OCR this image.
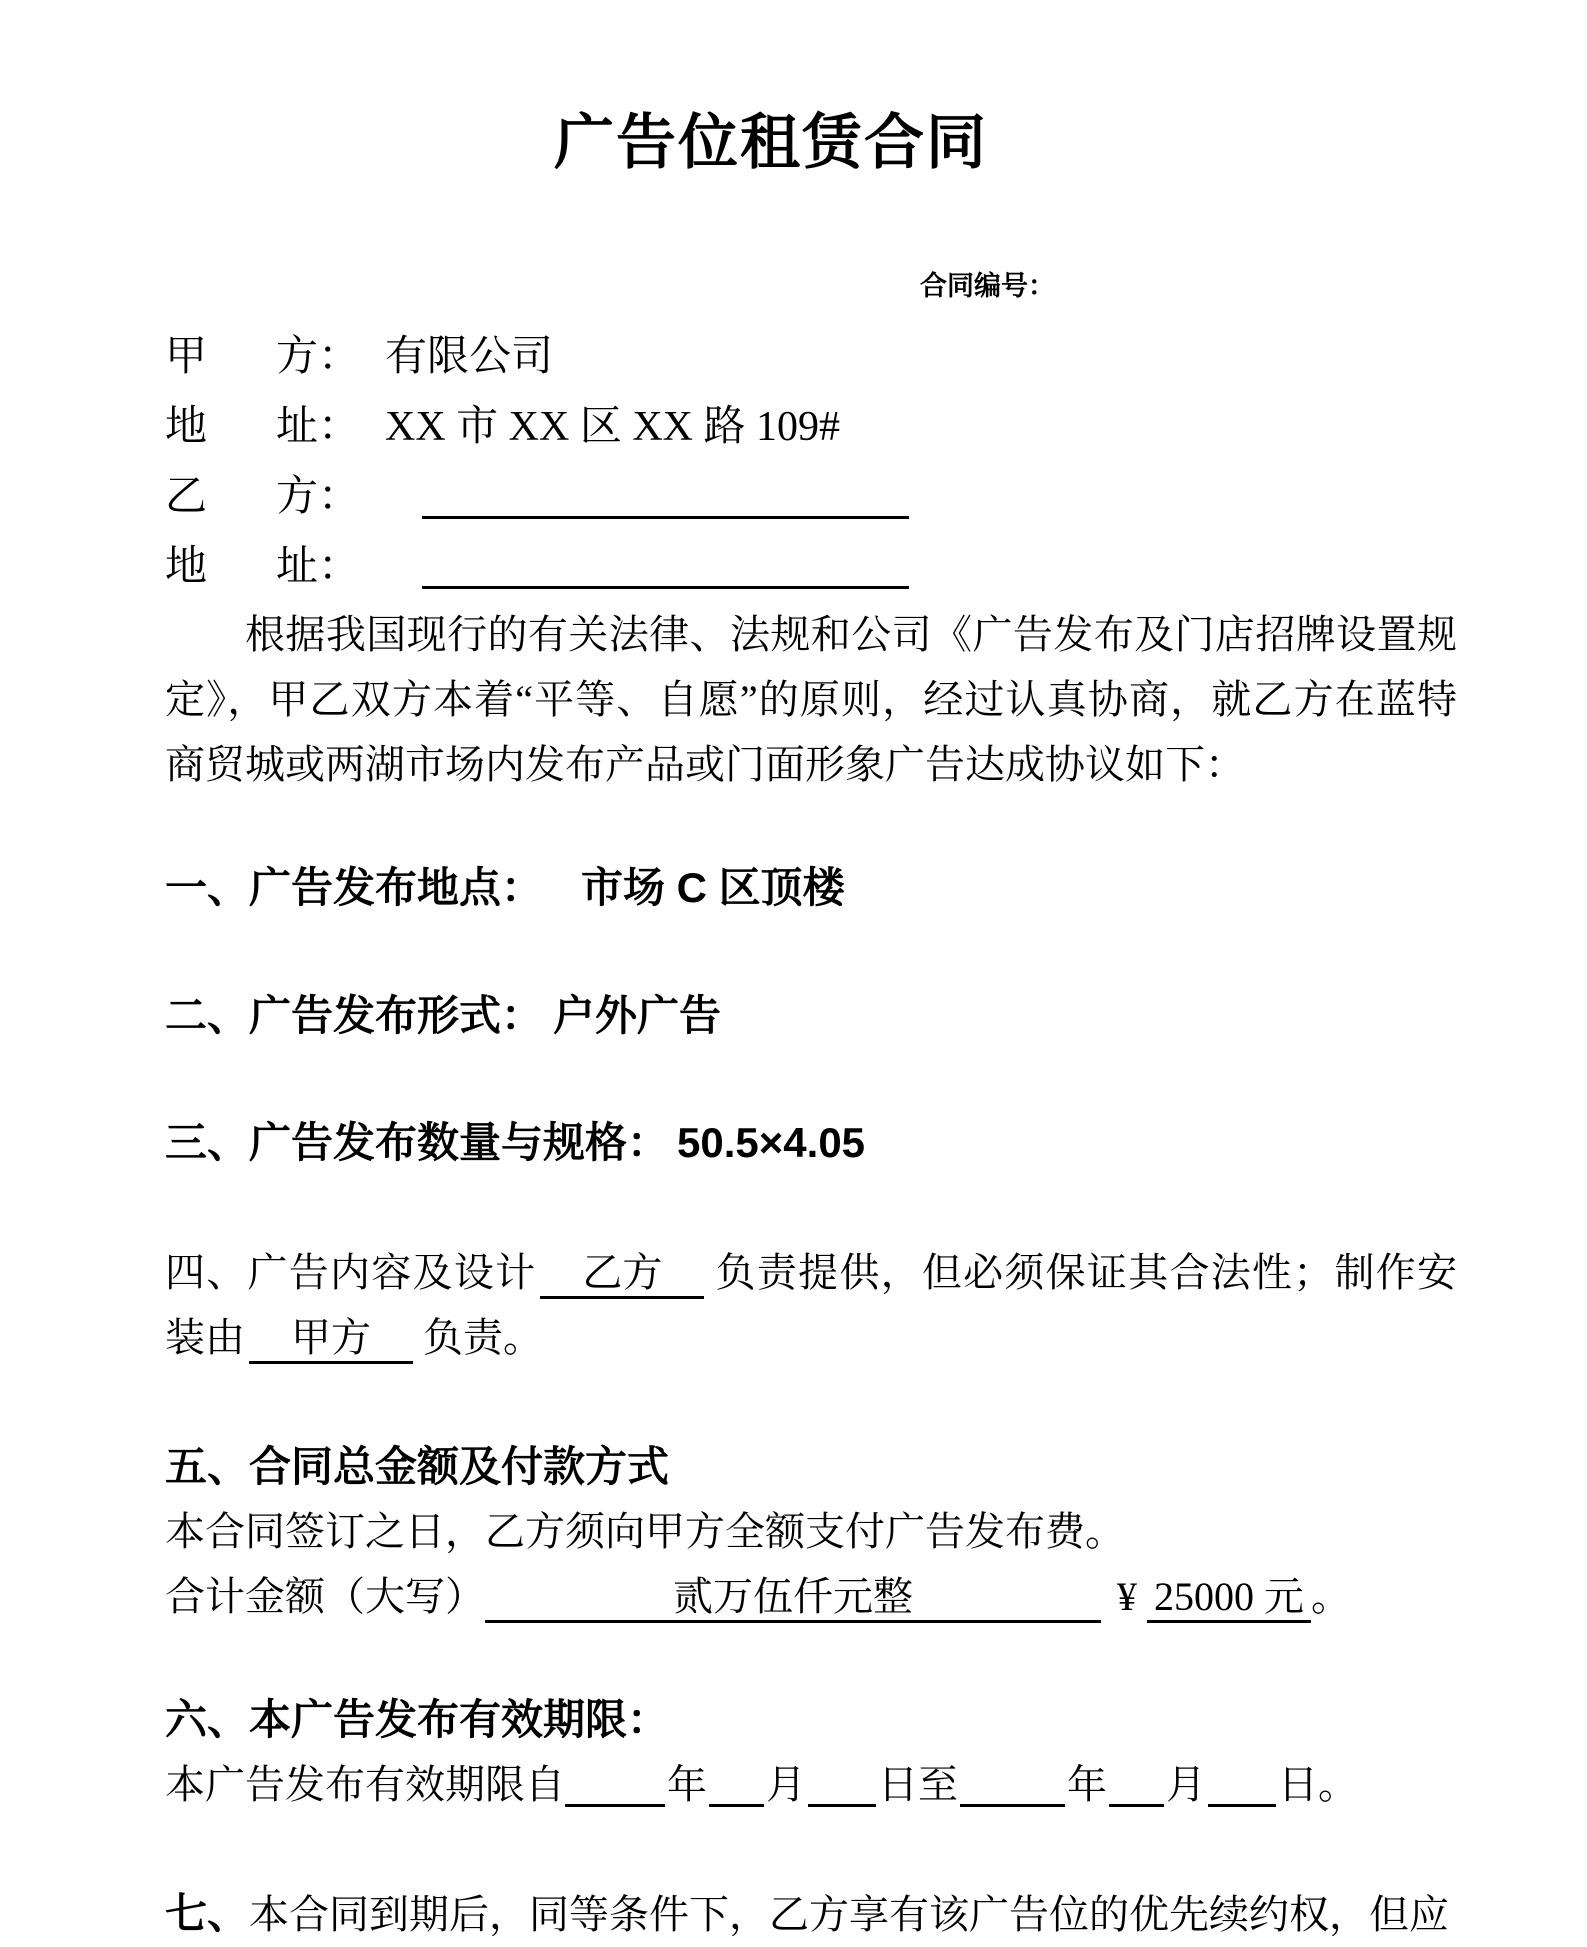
广告位租赁合同
合同编号：
甲 方： 有限公司
地 址： XX 市 XX 区 XX 路 109#
乙 方：
地 址：

根据我国现行的有关法律、法规和公司《广告发布及门店招牌设置规定》，甲乙双方本着“平等、自愿”的原则，经过认真协商，就乙方在蓝特商贸城或两湖市场内发布产品或门面形象广告达成协议如下：

一、广告发布地点： 市场 C 区顶楼
二、广告发布形式： 户外广告
三、广告发布数量与规格： 50.5×4.05

四、广告内容及设计 乙方 负责提供，但必须保证其合法性；制作安装由 甲方 负责。

五、合同总金额及付款方式

本合同签订之日，乙方须向甲方全额支付广告发布费。

合计金额（大写）	贰万伍仟元整	¥ 25000 元 。
六、本广告发布有效期限：
本广告发布有效期限自	年 月 日至	年 月 日。

七、本合同到期后，同等条件下，乙方享有该广告位的优先续约权，但应
